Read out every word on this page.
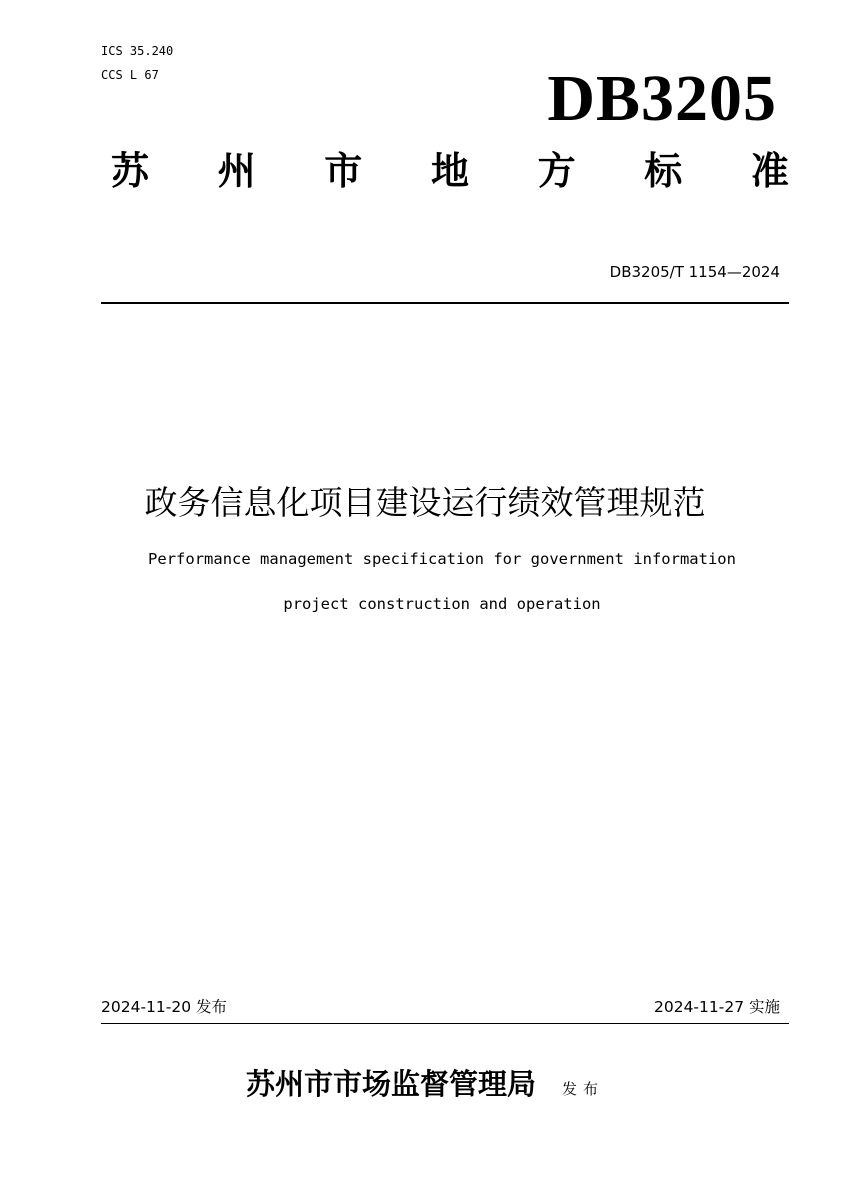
ICS 35.240
CCS L 67	DB3205
苏 州 市 地 方 标 准
DB3205/T 1154—2024
政务信息化项目建设运行绩效管理规范
Performance management specification for government information
project construction and operation
2024-11-20 发布	2024-11-27 实施
苏州市市场监督管理局 发布
